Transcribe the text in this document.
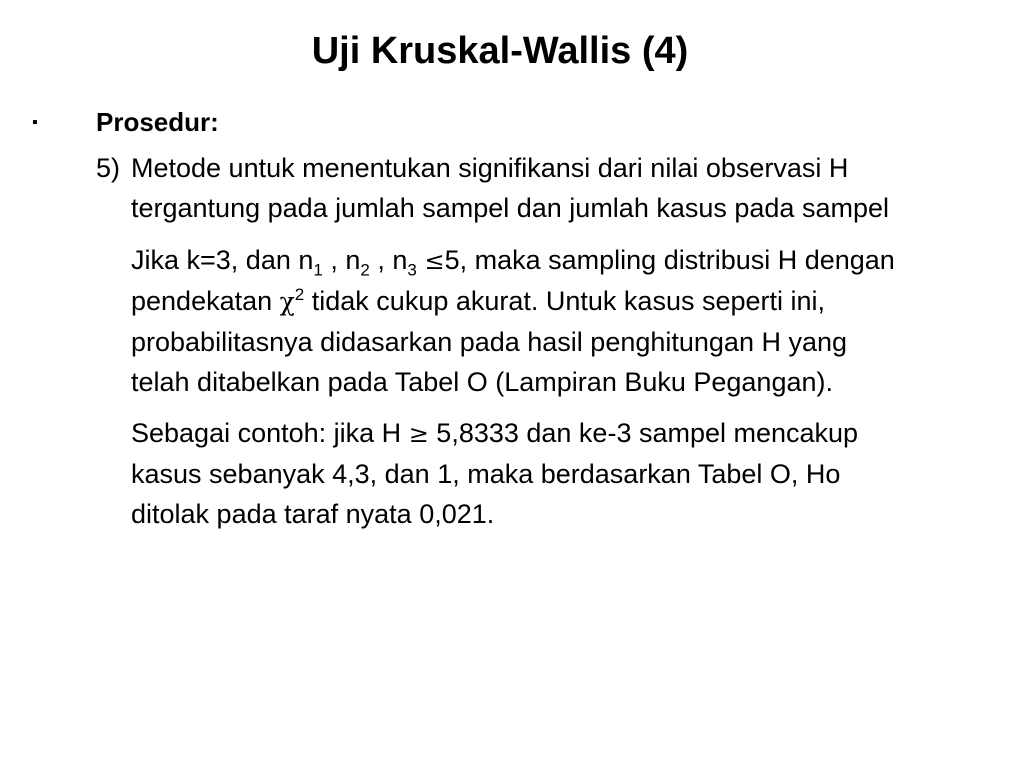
Uji Kruskal-Wallis (4)
▪ Prosedur:
5) Metode untuk menentukan signifikansi dari nilai observasi H
tergantung pada jumlah sampel dan jumlah kasus pada sampel
Jika k=3, dan $n_1$ , $n_2$ , $n_3 \le 5$, maka sampling distribusi H dengan
pendekatan $\chi^2$ tidak cukup akurat. Untuk kasus seperti ini,
probabilitasnya didasarkan pada hasil penghitungan H yang
telah ditabelkan pada Tabel O (Lampiran Buku Pegangan).
Sebagai contoh: jika H ≥ 5,8333 dan ke-3 sampel mencakup
kasus sebanyak 4,3, dan 1, maka berdasarkan Tabel O, Ho
ditolak pada taraf nyata 0,021.
